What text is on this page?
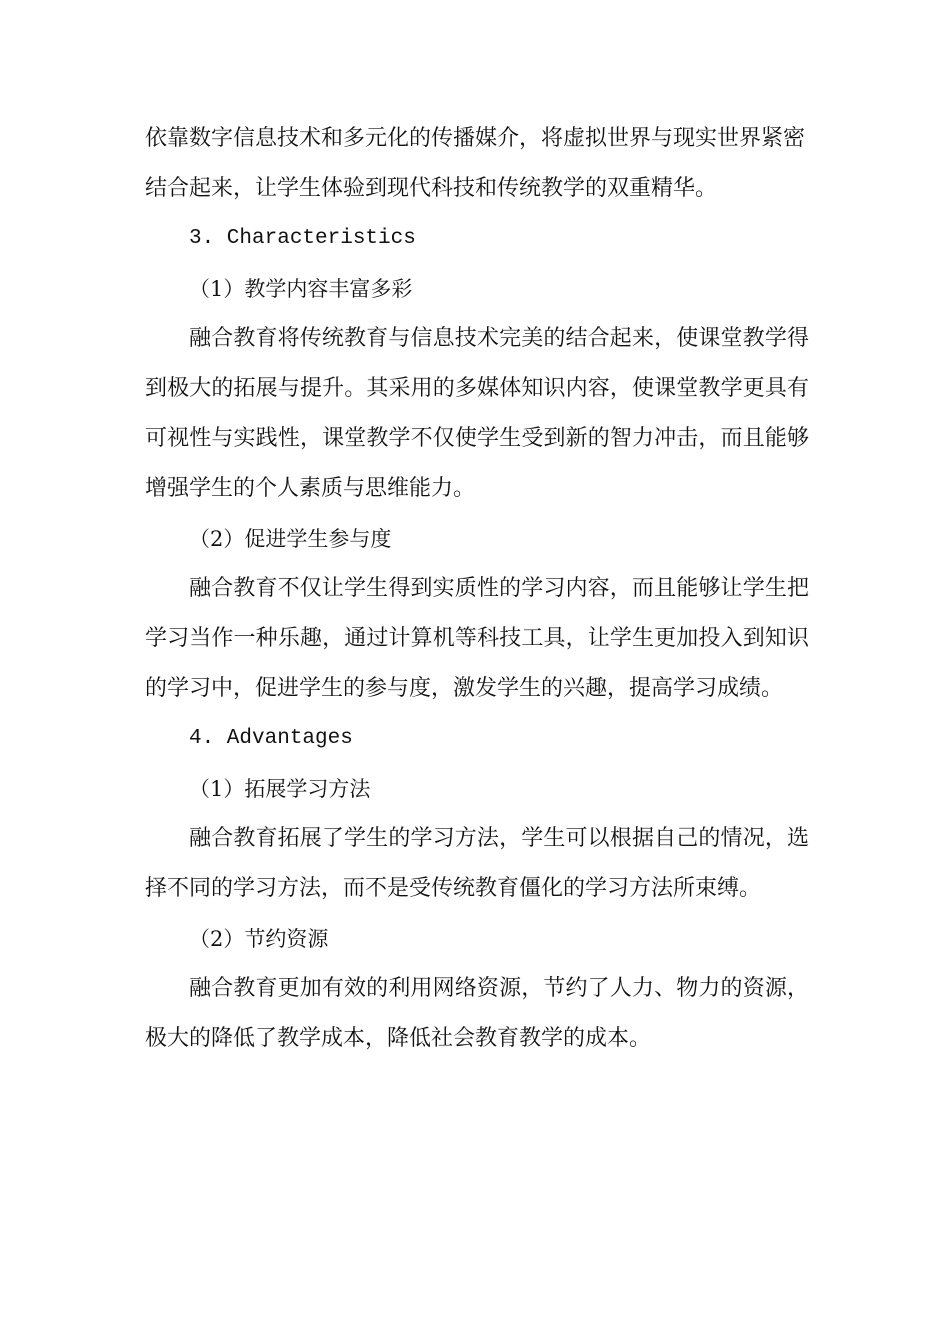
依靠数字信息技术和多元化的传播媒介，将虚拟世界与现实世界紧密结合起来，让学生体验到现代科技和传统教学的双重精华。

3. Characteristics

（1）教学内容丰富多彩

融合教育将传统教育与信息技术完美的结合起来，使课堂教学得到极大的拓展与提升。其采用的多媒体知识内容，使课堂教学更具有可视性与实践性，课堂教学不仅使学生受到新的智力冲击，而且能够增强学生的个人素质与思维能力。

（2）促进学生参与度

融合教育不仅让学生得到实质性的学习内容，而且能够让学生把学习当作一种乐趣，通过计算机等科技工具，让学生更加投入到知识的学习中，促进学生的参与度，激发学生的兴趣，提高学习成绩。

4. Advantages

（1）拓展学习方法

融合教育拓展了学生的学习方法，学生可以根据自己的情况，选择不同的学习方法，而不是受传统教育僵化的学习方法所束缚。

（2）节约资源

融合教育更加有效的利用网络资源，节约了人力、物力的资源，极大的降低了教学成本，降低社会教育教学的成本。
